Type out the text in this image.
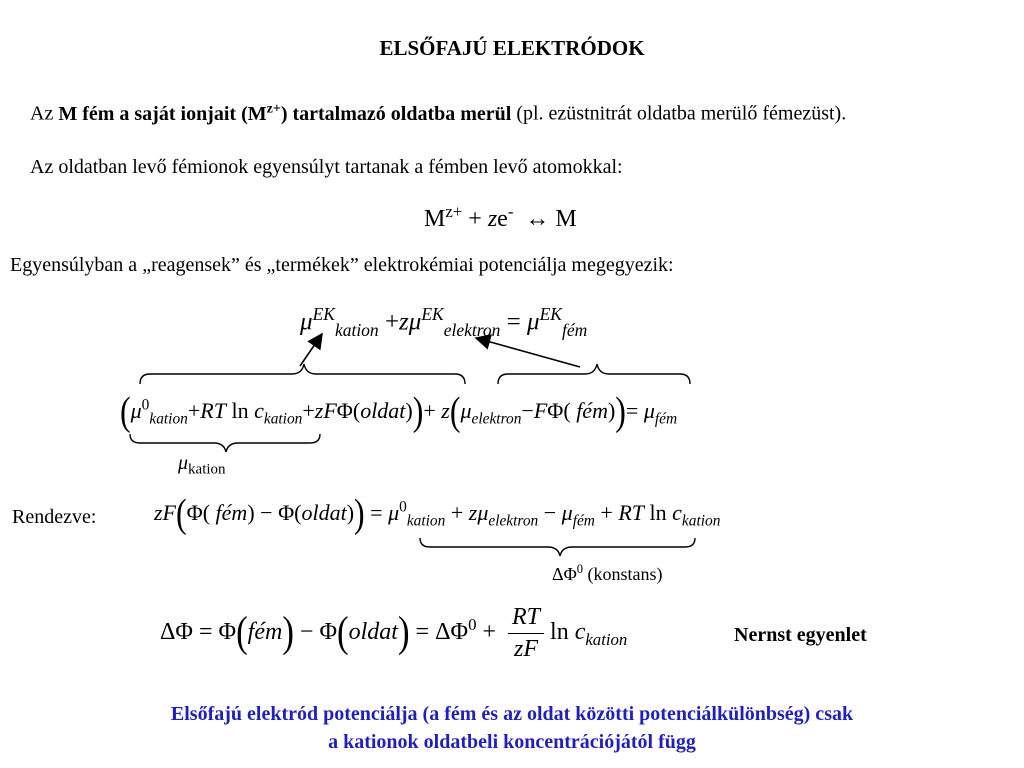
ELSŐFAJÚ ELEKTRÓDOK
Az M fém a saját ionjait $(M^{z+})$ tartalmazó oldatba merül (pl. ezüstnitrát oldatba merülő fémezüst).
Az oldatban levő fémionok egyensúlyt tartanak a fémben levő atomokkal:
$M^{z+} + ze^-$ ↔ M
Egyensúlyban a „reagensek” és „termékek” elektrokémiai potenciálja megegyezik:
$\mu^{EK}_{kation} +z\mu^{EK}_{elektron} = \mu^{EK}_{fém}$
($\mu^0_{kation}+RT$ $\ln c_{kation}+zF\Phi(oldat))+ z(\mu_{elektron}-F\Phi$( fém))= $\mu_{fém}$
$\mu_{kation}$
Rendezve:	zF(Φ( fém) − Φ(oldat)) = $\mu^0_{kation} + z\mu_{elektron} - \mu_{fém}$ + RT $\ln c_{kation}$
$\Delta\Phi^0$ (konstans)
ΔΦ = Φ(fém) − Φ(oldat) = $\Delta\Phi^0 + \frac{RT}{zF}$ $\ln c_{kation}$	Nernst egyenlet
Elsőfajú elektród potenciálja (a fém és az oldat közötti potenciálkülönbség) csak
a kationok oldatbeli koncentrációjától függ
